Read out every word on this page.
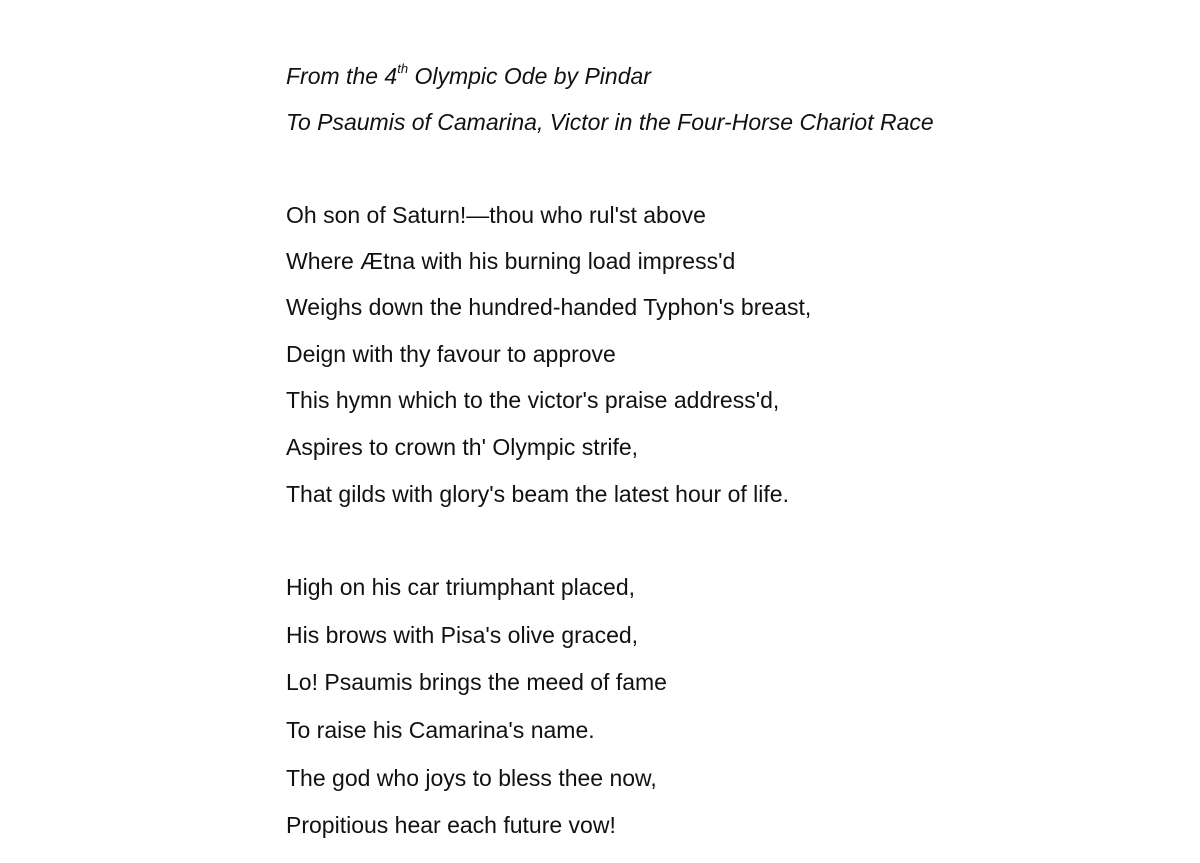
From the 4th Olympic Ode by Pindar
To Psaumis of Camarina, Victor in the Four-Horse Chariot Race
Oh son of Saturn!—thou who rul'st above
Where Ætna with his burning load impress'd
Weighs down the hundred-handed Typhon's breast,
Deign with thy favour to approve
This hymn which to the victor's praise address'd,
Aspires to crown th' Olympic strife,
That gilds with glory's beam the latest hour of life.
High on his car triumphant placed,
His brows with Pisa's olive graced,
Lo! Psaumis brings the meed of fame
To raise his Camarina's name.
The god who joys to bless thee now,
Propitious hear each future vow!
